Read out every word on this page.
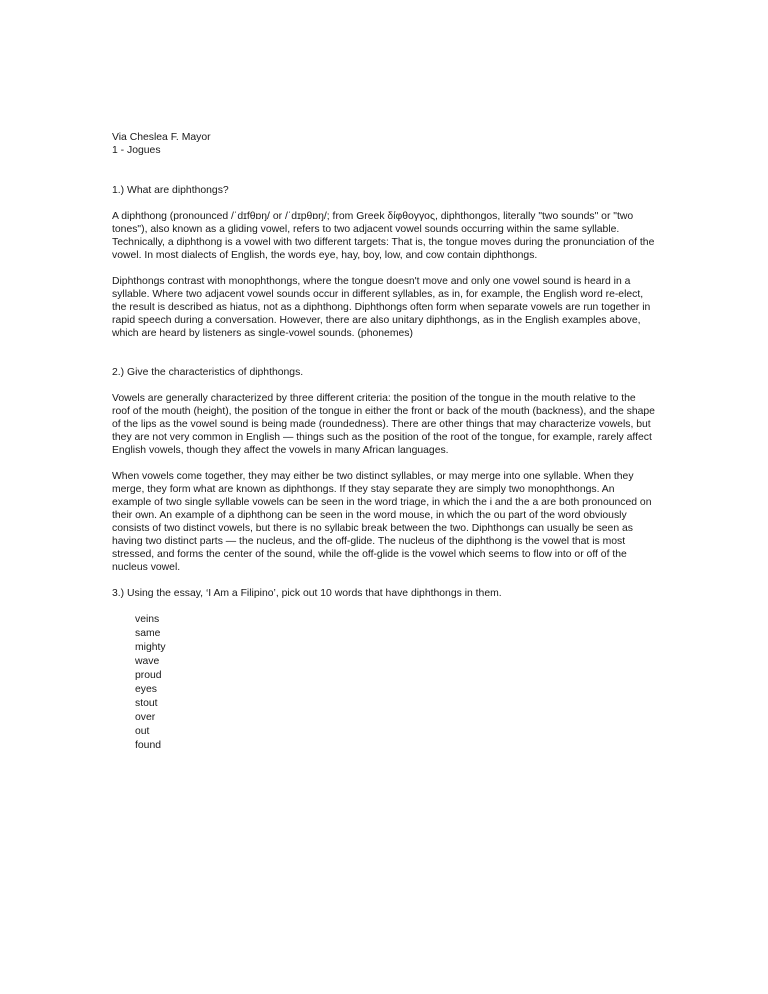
Via Cheslea F. Mayor

1 - Jogues

1.) What are diphthongs?

A diphthong (pronounced /ˈdɪfθɒŋ/ or /ˈdɪpθɒŋ/; from Greek δίφθογγος, diphthongos, literally "two sounds" or "two tones"), also known as a gliding vowel, refers to two adjacent vowel sounds occurring within the same syllable. Technically, a diphthong is a vowel with two different targets: That is, the tongue moves during the pronunciation of the vowel. In most dialects of English, the words eye, hay, boy, low, and cow contain diphthongs.

Diphthongs contrast with monophthongs, where the tongue doesn't move and only one vowel sound is heard in a syllable. Where two adjacent vowel sounds occur in different syllables, as in, for example, the English word re-elect, the result is described as hiatus, not as a diphthong. Diphthongs often form when separate vowels are run together in rapid speech during a conversation. However, there are also unitary diphthongs, as in the English examples above, which are heard by listeners as single-vowel sounds. (phonemes)

2.) Give the characteristics of diphthongs.

Vowels are generally characterized by three different criteria: the position of the tongue in the mouth relative to the roof of the mouth (height), the position of the tongue in either the front or back of the mouth (backness), and the shape of the lips as the vowel sound is being made (roundedness). There are other things that may characterize vowels, but they are not very common in English — things such as the position of the root of the tongue, for example, rarely affect English vowels, though they affect the vowels in many African languages.

When vowels come together, they may either be two distinct syllables, or may merge into one syllable. When they merge, they form what are known as diphthongs. If they stay separate they are simply two monophthongs. An example of two single syllable vowels can be seen in the word triage, in which the i and the a are both pronounced on their own. An example of a diphthong can be seen in the word mouse, in which the ou part of the word obviously consists of two distinct vowels, but there is no syllabic break between the two. Diphthongs can usually be seen as having two distinct parts — the nucleus, and the off-glide. The nucleus of the diphthong is the vowel that is most stressed, and forms the center of the sound, while the off-glide is the vowel which seems to flow into or off of the nucleus vowel.

3.) Using the essay, ‘I Am a Filipino’, pick out 10 words that have diphthongs in them.

veins
same
mighty
wave
proud
eyes
stout
over
out
found
